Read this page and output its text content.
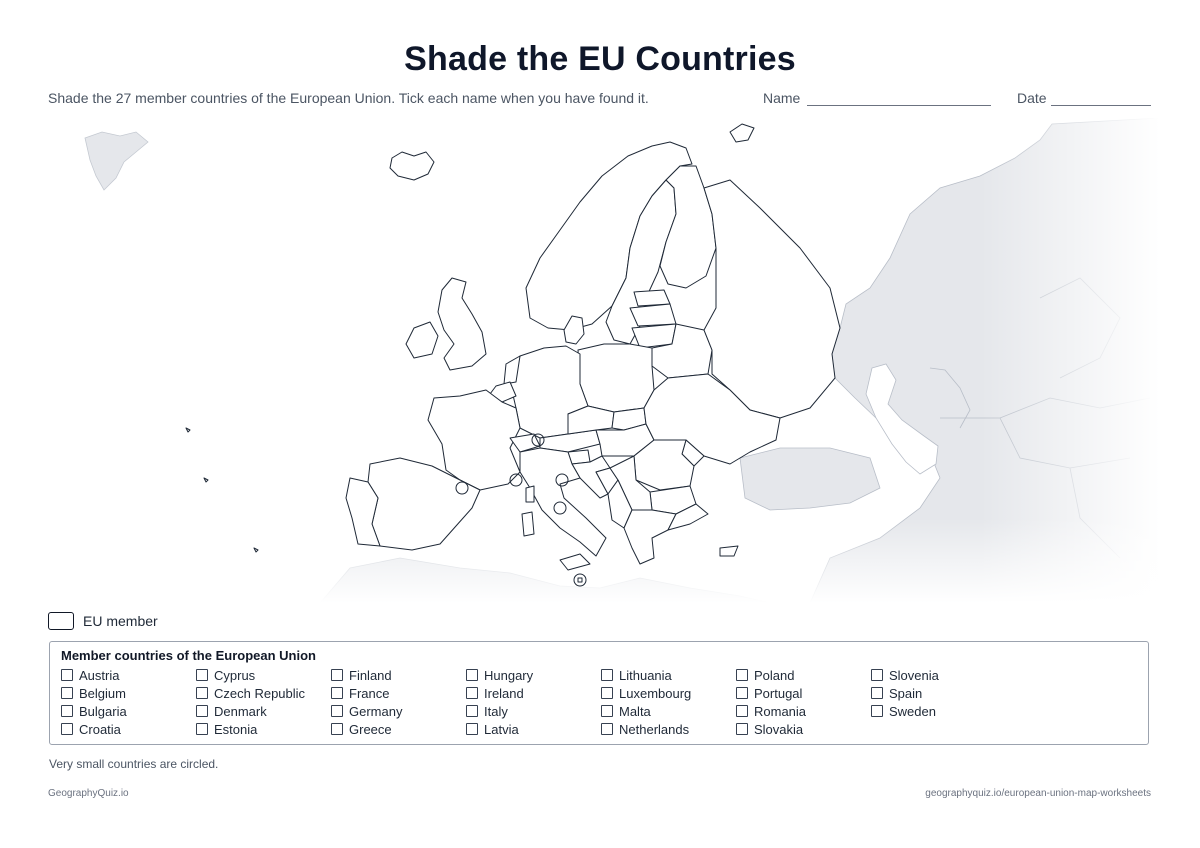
Shade the EU Countries
Shade the 27 member countries of the European Union. Tick each name when you have found it.	Name	Date
EU member
Member countries of the European Union
Austria
Belgium
Bulgaria
Croatia
Cyprus
Czech Republic
Denmark
Estonia
Finland
France
Germany
Greece
Hungary
Ireland
Italy
Latvia
Lithuania
Luxembourg
Malta
Netherlands
Poland
Portugal
Romania
Slovakia
Slovenia
Spain
Sweden
Very small countries are circled.
GeographyQuiz.io	geographyquiz.io/european-union-map-worksheets
